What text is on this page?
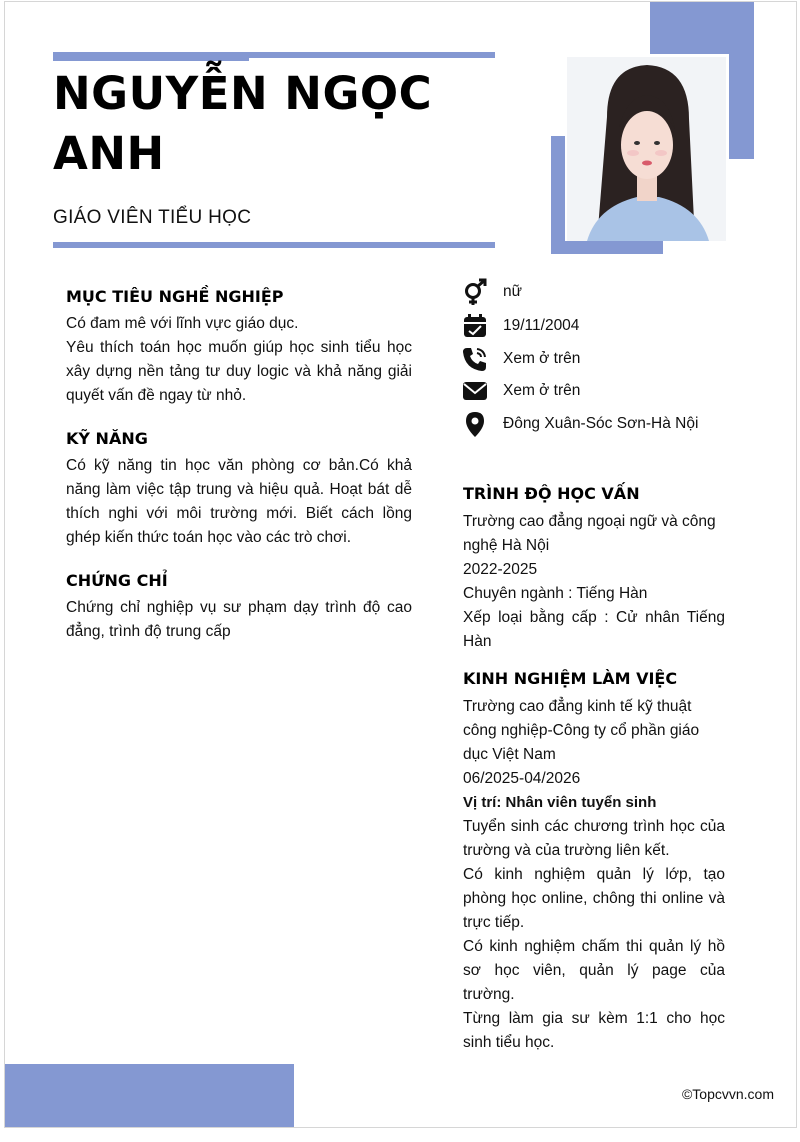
NGUYỄN NGỌC ANH
GIÁO VIÊN TIỂU HỌC
MỤC TIÊU NGHỀ NGHIỆP
Có đam mê với lĩnh vực giáo dục.
Yêu thích toán học muốn giúp học sinh tiểu học xây dựng nền tảng tư duy logic và khả năng giải quyết vấn đề ngay từ nhỏ.
KỸ NĂNG
Có kỹ năng tin học văn phòng cơ bản.Có khả năng làm việc tập trung và hiệu quả. Hoạt bát dễ thích nghi với môi trường mới. Biết cách lồng ghép kiến thức toán học vào các trò chơi.
CHỨNG CHỈ
Chứng chỉ nghiệp vụ sư phạm dạy trình độ cao đẳng, trình độ trung cấp
nữ
19/11/2004
Xem ở trên
Xem ở trên
Đông Xuân-Sóc Sơn-Hà Nội
TRÌNH ĐỘ HỌC VẤN
Trường cao đẳng ngoại ngữ và công nghệ Hà Nội
2022-2025
Chuyên ngành : Tiếng Hàn
Xếp loại bằng cấp : Cử nhân Tiếng Hàn
KINH NGHIỆM LÀM VIỆC
Trường cao đẳng kinh tế kỹ thuật công nghiệp-Công ty cổ phần giáo dục Việt Nam
06/2025-04/2026
Vị trí: Nhân viên tuyển sinh
Tuyển sinh các chương trình học của trường và của trường liên kết.
Có kinh nghiệm quản lý lớp, tạo phòng học online, chông thi online và trực tiếp.
Có kinh nghiệm chấm thi quản lý hồ sơ học viên, quản lý page của trường.
Từng làm gia sư kèm 1:1 cho học sinh tiểu học.
©Topcvvn.com
